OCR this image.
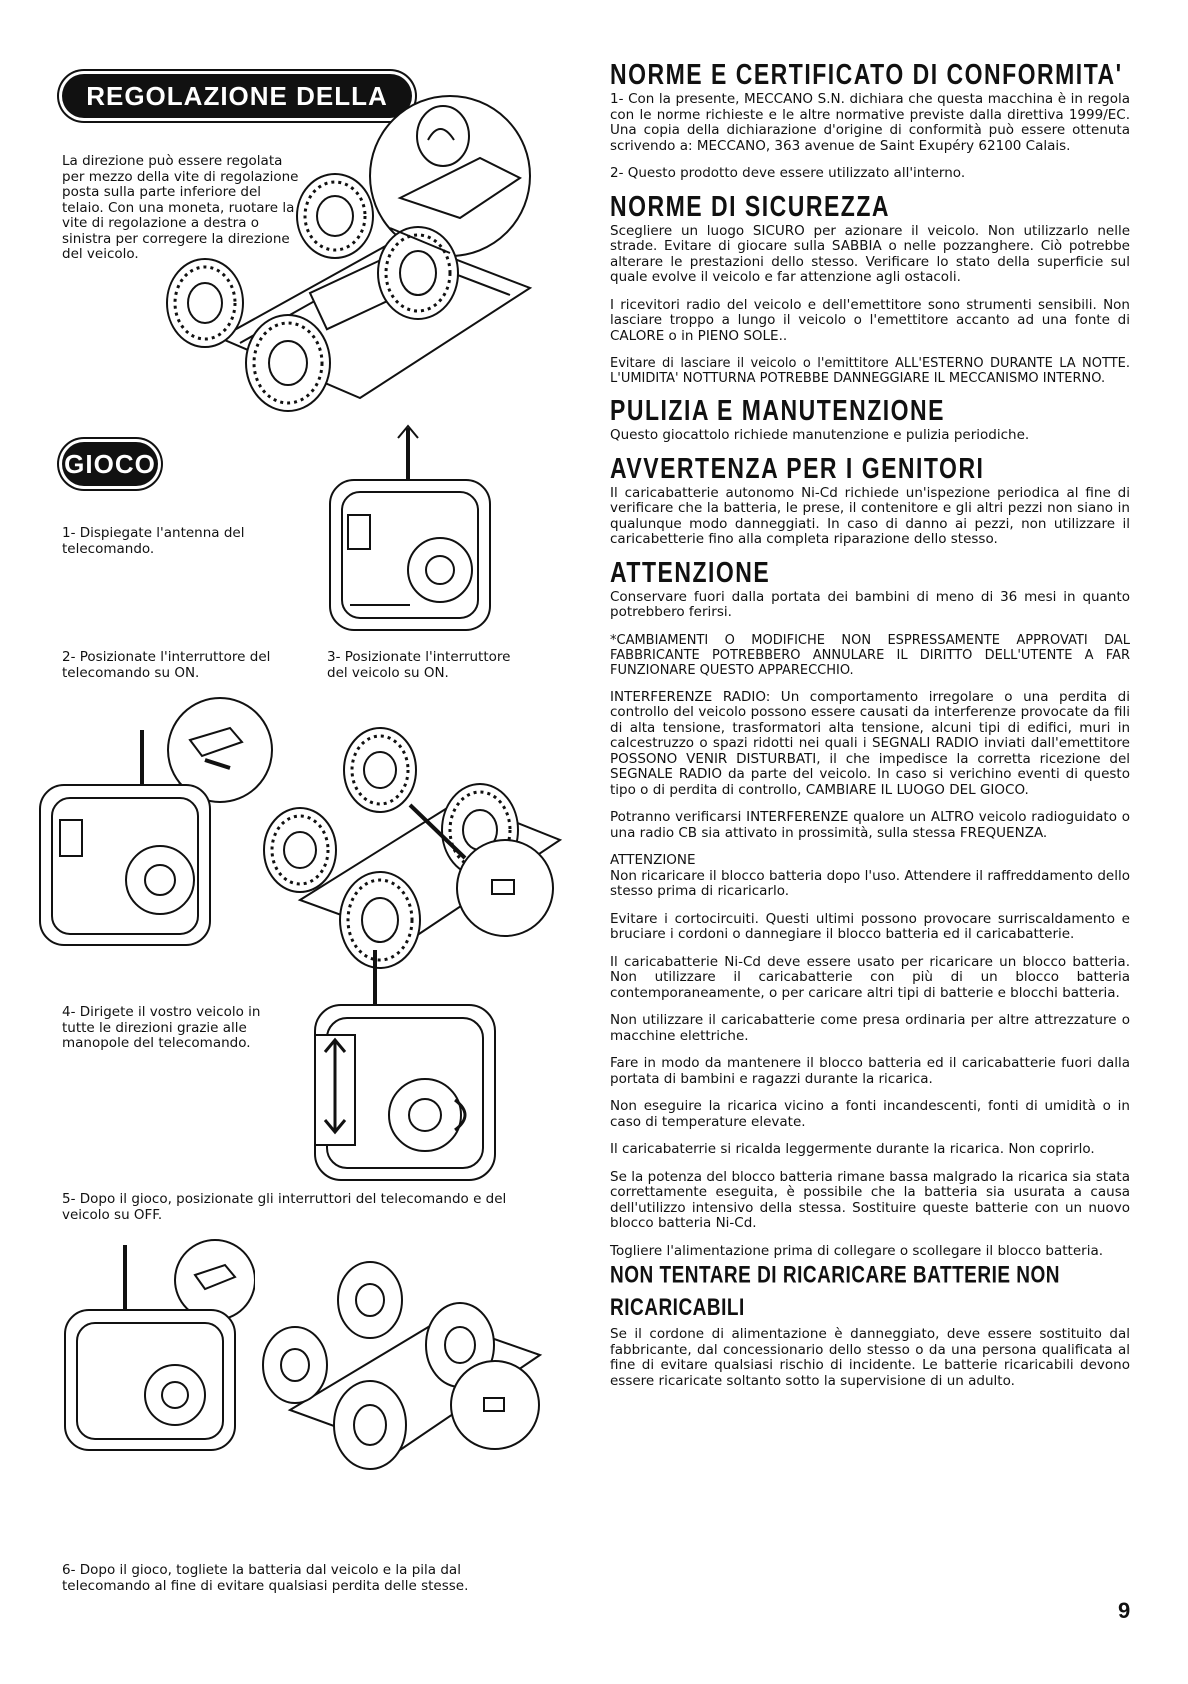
REGOLAZIONE DELLA DIREZIONE
La direzione può essere regolata per mezzo della vite di regolazione posta sulla parte inferiore del telaio. Con una moneta, ruotare la vite di regolazione a destra o sinistra per corregere la direzione del veicolo.
GIOCO
1- Dispiegate l'antenna del telecomando.
2- Posizionate l'interruttore del telecomando su ON.
3- Posizionate l'interruttore del veicolo su ON.
4- Dirigete il vostro veicolo in tutte le direzioni grazie alle manopole del telecomando.
5- Dopo il gioco, posizionate gli interruttori del telecomando e del veicolo su OFF.
6- Dopo il gioco, togliete la batteria dal veicolo e la pila dal telecomando al fine di evitare qualsiasi perdita delle stesse.
NORME E CERTIFICATO DI CONFORMITA'

1- Con la presente, MECCANO S.N. dichiara che questa macchina è in regola con le norme richieste e le altre normative previste dalla direttiva 1999/EC. Una copia della dichiarazione d'origine di conformità può essere ottenuta scrivendo a: MECCANO, 363 avenue de Saint Exupéry 62100 Calais.

2- Questo prodotto deve essere utilizzato all'interno.

NORME DI SICUREZZA

Scegliere un luogo SICURO per azionare il veicolo. Non utilizzarlo nelle strade. Evitare di giocare sulla SABBIA o nelle pozzanghere. Ciò potrebbe alterare le prestazioni dello stesso. Verificare lo stato della superficie sul quale evolve il veicolo e far attenzione agli ostacoli.

I ricevitori radio del veicolo e dell'emettitore sono strumenti sensibili. Non lasciare troppo a lungo il veicolo o l'emettitore accanto ad una fonte di CALORE o in PIENO SOLE..

Evitare di lasciare il veicolo o l'emittitore ALL'ESTERNO DURANTE LA NOTTE. L'UMIDITA' NOTTURNA POTREBBE DANNEGGIARE IL MECCANISMO INTERNO.

PULIZIA E MANUTENZIONE

Questo giocattolo richiede manutenzione e pulizia periodiche.

AVVERTENZA PER I GENITORI

Il caricabatterie autonomo Ni-Cd richiede un'ispezione periodica al fine di verificare che la batteria, le prese, il contenitore e gli altri pezzi non siano in qualunque modo danneggiati. In caso di danno ai pezzi, non utilizzare il caricabetterie fino alla completa riparazione dello stesso.

ATTENZIONE

Conservare fuori dalla portata dei bambini di meno di 36 mesi in quanto potrebbero ferirsi.

*CAMBIAMENTI O MODIFICHE NON ESPRESSAMENTE APPROVATI DAL FABBRICANTE POTREBBERO ANNULARE IL DIRITTO DELL'UTENTE A FAR FUNZIONARE QUESTO APPARECCHIO.

INTERFERENZE RADIO: Un comportamento irregolare o una perdita di controllo del veicolo possono essere causati da interferenze provocate da fili di alta tensione, trasformatori alta tensione, alcuni tipi di edifici, muri in calcestruzzo o spazi ridotti nei quali i SEGNALI RADIO inviati dall'emettitore POSSONO VENIR DISTURBATI, il che impedisce la corretta ricezione del SEGNALE RADIO da parte del veicolo. In caso si verichino eventi di questo tipo o di perdita di controllo, CAMBIARE IL LUOGO DEL GIOCO.

Potranno verificarsi INTERFERENZE qualore un ALTRO veicolo radioguidato o una radio CB sia attivato in prossimità, sulla stessa FREQUENZA.

ATTENZIONE
Non ricaricare il blocco batteria dopo l'uso. Attendere il raffreddamento dello stesso prima di ricaricarlo.

Evitare i cortocircuiti. Questi ultimi possono provocare surriscaldamento e bruciare i cordoni o dannegiare il blocco batteria ed il caricabatterie.

Il caricabatterie Ni-Cd deve essere usato per ricaricare un blocco batteria. Non utilizzare il caricabatterie con più di un blocco batteria contemporaneamente, o per caricare altri tipi di batterie e blocchi batteria.

Non utilizzare il caricabatterie come presa ordinaria per altre attrezzature o macchine elettriche.

Fare in modo da mantenere il blocco batteria ed il caricabatterie fuori dalla portata di bambini e ragazzi durante la ricarica.

Non eseguire la ricarica vicino a fonti incandescenti, fonti di umidità o in caso di temperature elevate.

Il caricabaterrie si ricalda leggermente durante la ricarica. Non coprirlo.

Se la potenza del blocco batteria rimane bassa malgrado la ricarica sia stata correttamente eseguita, è possibile che la batteria sia usurata a causa dell'utilizzo intensivo della stessa. Sostituire queste batterie con un nuovo blocco batteria Ni-Cd.

Togliere l'alimentazione prima di collegare o scollegare il blocco batteria.

NON TENTARE DI RICARICARE BATTERIE NON RICARICABILI

Se il cordone di alimentazione è danneggiato, deve essere sostituito dal fabbricante, dal concessionario dello stesso o da una persona qualificata al fine di evitare qualsiasi rischio di incidente. Le batterie ricaricabili devono essere ricaricate soltanto sotto la supervisione di un adulto.

9
